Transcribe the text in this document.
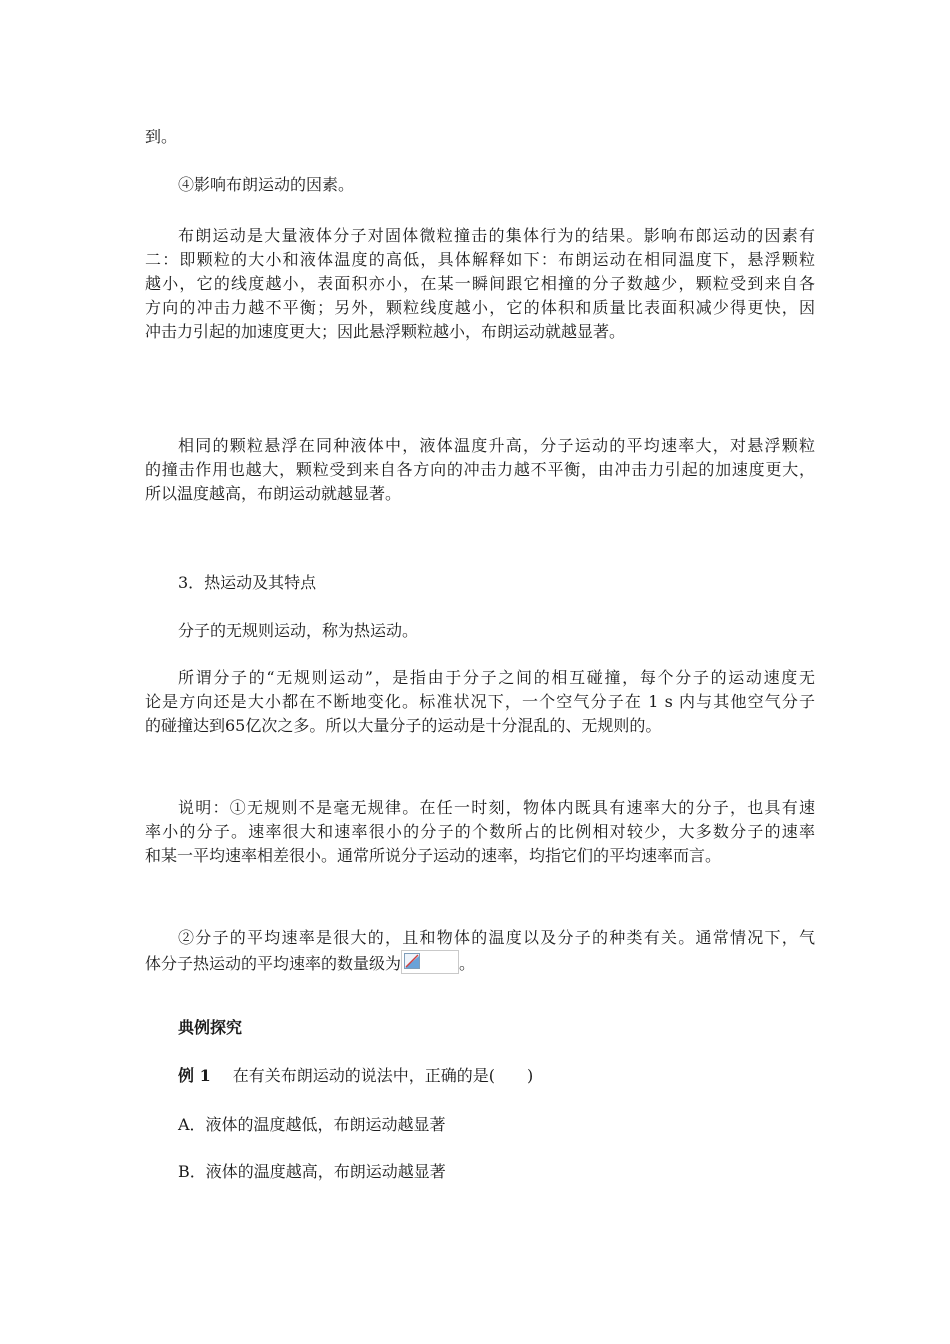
到。
④影响布朗运动的因素。
布朗运动是大量液体分子对固体微粒撞击的集体行为的结果。影响布郎运动的因素有
二：即颗粒的大小和液体温度的高低，具体解释如下：布朗运动在相同温度下，悬浮颗粒
越小，它的线度越小，表面积亦小，在某一瞬间跟它相撞的分子数越少，颗粒受到来自各
方向的冲击力越不平衡；另外，颗粒线度越小，它的体积和质量比表面积减少得更快，因
冲击力引起的加速度更大；因此悬浮颗粒越小，布朗运动就越显著。
相同的颗粒悬浮在同种液体中，液体温度升高，分子运动的平均速率大，对悬浮颗粒
的撞击作用也越大，颗粒受到来自各方向的冲击力越不平衡，由冲击力引起的加速度更大，
所以温度越高，布朗运动就越显著。
3．热运动及其特点
分子的无规则运动，称为热运动。
所谓分子的“无规则运动”，是指由于分子之间的相互碰撞，每个分子的运动速度无
论是方向还是大小都在不断地变化。标准状况下，一个空气分子在 1 s 内与其他空气分子
的碰撞达到65亿次之多。所以大量分子的运动是十分混乱的、无规则的。
说明：①无规则不是毫无规律。在任一时刻，物体内既具有速率大的分子，也具有速
率小的分子。速率很大和速率很小的分子的个数所占的比例相对较少，大多数分子的速率
和某一平均速率相差很小。通常所说分子运动的速率，均指它们的平均速率而言。
②分子的平均速率是很大的，且和物体的温度以及分子的种类有关。通常情况下，气
体分子热运动的平均速率的数量级为	。
典例探究
例 1 在有关布朗运动的说法中，正确的是(　　)
A．液体的温度越低，布朗运动越显著
B．液体的温度越高，布朗运动越显著
